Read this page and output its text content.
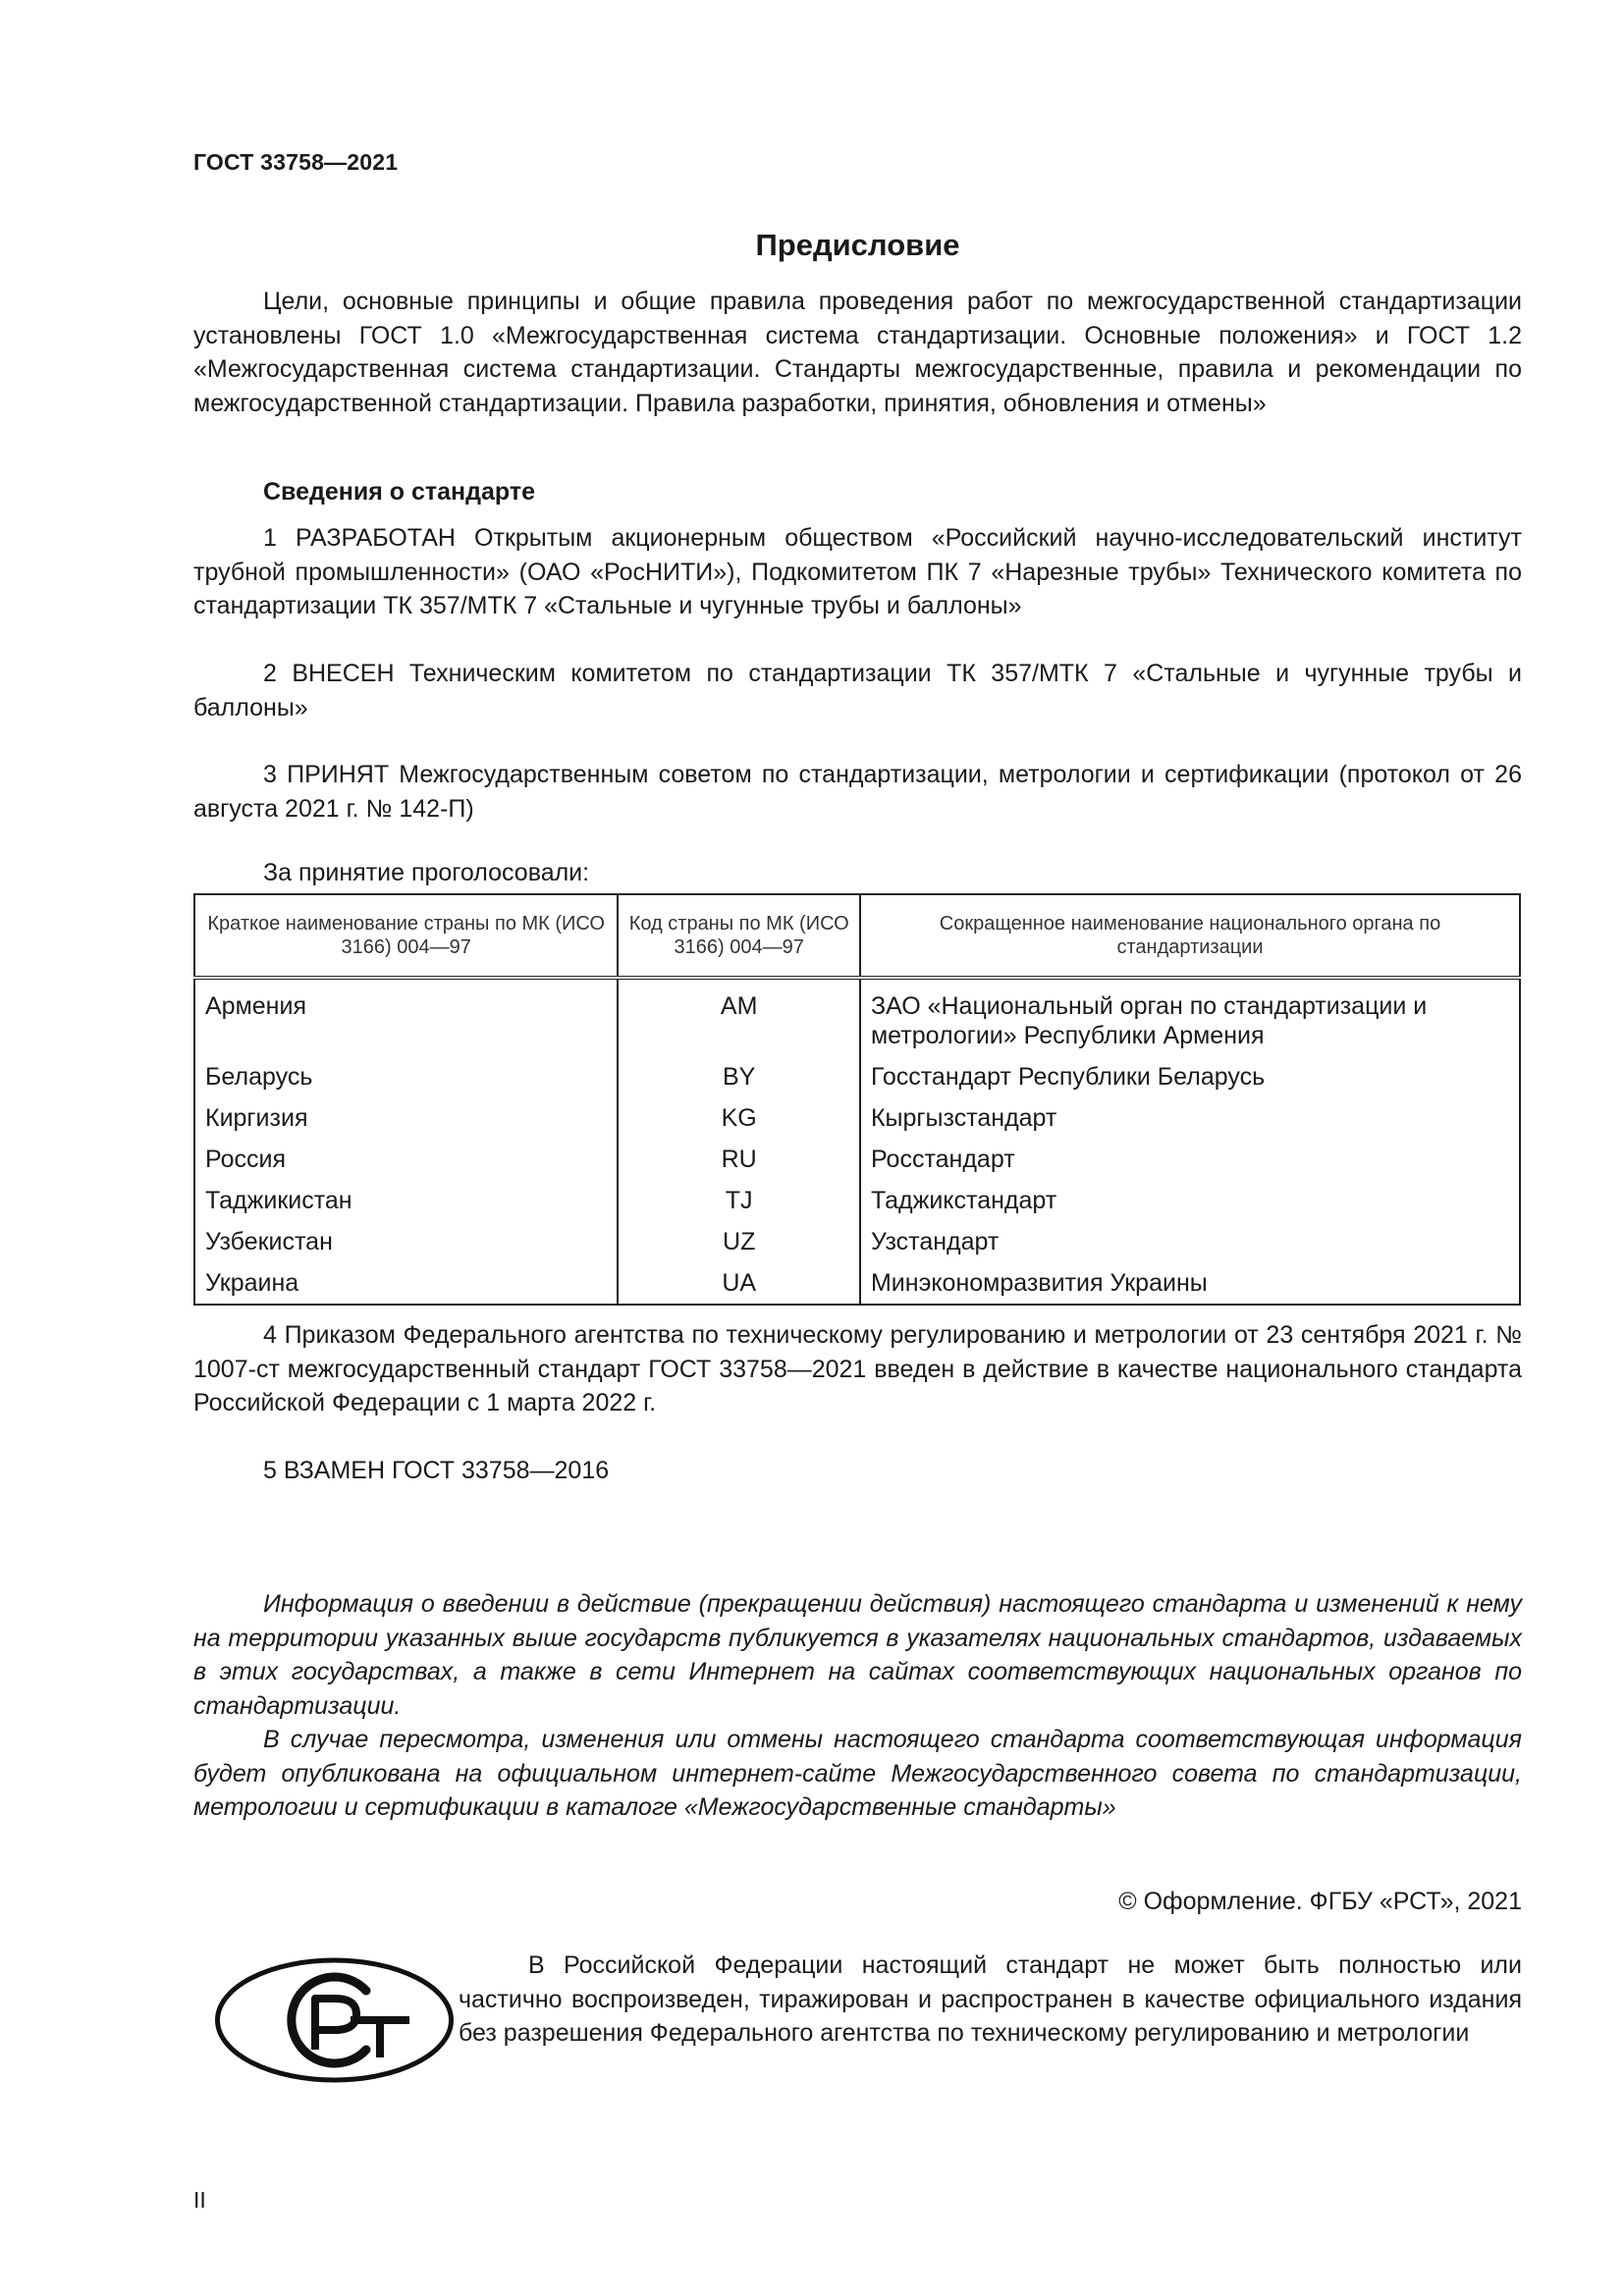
ГОСТ 33758—2021
Предисловие

Цели, основные принципы и общие правила проведения работ по межгосударственной стандартизации установлены ГОСТ 1.0 «Межгосударственная система стандартизации. Основные положения» и ГОСТ 1.2 «Межгосударственная система стандартизации. Стандарты межгосударственные, правила и рекомендации по межгосударственной стандартизации. Правила разработки, принятия, обновления и отмены»

Сведения о стандарте

1 РАЗРАБОТАН Открытым акционерным обществом «Российский научно-исследовательский институт трубной промышленности» (ОАО «РосНИТИ»), Подкомитетом ПК 7 «Нарезные трубы» Технического комитета по стандартизации ТК 357/МТК 7 «Стальные и чугунные трубы и баллоны»

2 ВНЕСЕН Техническим комитетом по стандартизации ТК 357/МТК 7 «Стальные и чугунные трубы и баллоны»

3 ПРИНЯТ Межгосударственным советом по стандартизации, метрологии и сертификации (протокол от 26 августа 2021 г. № 142-П)

За принятие проголосовали:
Краткое наименование страны по МК (ИСО 3166) 004—97	Код страны по МК (ИСО 3166) 004—97	Сокращенное наименование национального органа по стандартизации
Армения	AM	ЗАО «Национальный орган по стандартизации и метрологии» Республики Армения
Беларусь	BY	Госстандарт Республики Беларусь
Киргизия	KG	Кыргызстандарт
Россия	RU	Росстандарт
Таджикистан	TJ	Таджикстандарт
Узбекистан	UZ	Узстандарт
Украина	UA	Минэкономразвития Украины

4 Приказом Федерального агентства по техническому регулированию и метрологии от 23 сентября 2021 г. № 1007-ст межгосударственный стандарт ГОСТ 33758—2021 введен в действие в качестве национального стандарта Российской Федерации с 1 марта 2022 г.

5 ВЗАМЕН ГОСТ 33758—2016

Информация о введении в действие (прекращении действия) настоящего стандарта и изменений к нему на территории указанных выше государств публикуется в указателях национальных стандартов, издаваемых в этих государствах, а также в сети Интернет на сайтах соответствующих национальных органов по стандартизации.

В случае пересмотра, изменения или отмены настоящего стандарта соответствующая информация будет опубликована на официальном интернет-сайте Межгосударственного совета по стандартизации, метрологии и сертификации в каталоге «Межгосударственные стандарты»

© Оформление. ФГБУ «РСТ», 2021

В Российской Федерации настоящий стандарт не может быть полностью или частично воспроизведен, тиражирован и распространен в качестве официального издания без разрешения Федерального агентства по техническому регулированию и метрологии

II
